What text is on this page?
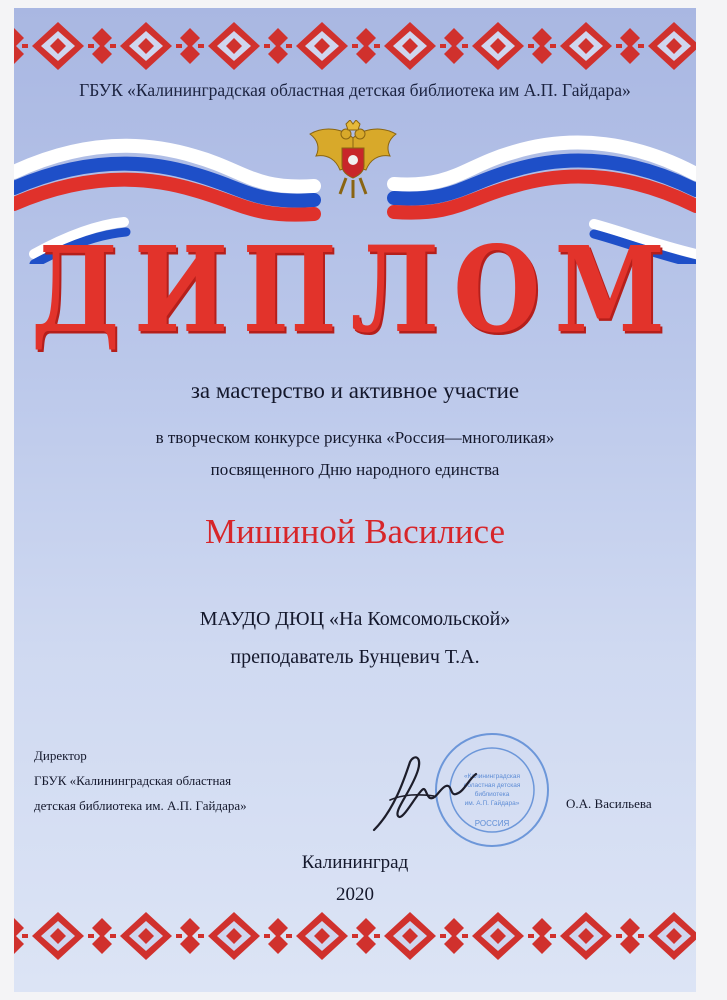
ГБУК «Калининградская областная детская библиотека им А.П. Гайдара»
ДИПЛОМ
за мастерство и активное участие
в творческом конкурсе рисунка «Россия—многоликая»
посвященного Дню народного единства
Мишиной Василисе
МАУДО ДЮЦ «На Комсомольской»
преподаватель Бунцевич Т.А.
Директор
ГБУК «Калининградская областная
детская библиотека им. А.П. Гайдара»
«Калининградская
областная детская
библиотека
им. А.П. Гайдара»
РОССИЯ
О.А. Васильева
Калининград
2020
